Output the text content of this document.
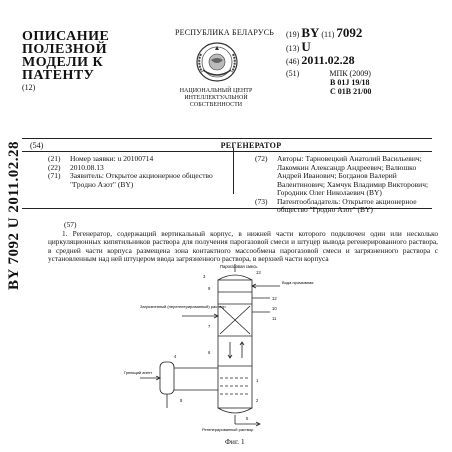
BY 7092 U 2011.02.28
ОПИСАНИЕ
ПОЛЕЗНОЙ
МОДЕЛИ К
ПАТЕНТУ
(12)
РЕСПУБЛИКА БЕЛАРУСЬ
НАЦИОНАЛЬНЫЙ ЦЕНТР ИНТЕЛЛЕКТУАЛЬНОЙ СОБСТВЕННОСТИ
(19) BY (11) 7092
(13) U
(46) 2011.02.28
(51)	МПК (2009)
B 01J 19/18
C 01B 21/00
(54)	РЕГЕНЕРАТОР
(21)	Номер заявки: u 20100714
(22)	2010.08.13
(71)	Заявитель: Открытое акционерное общество "Гродно Азот" (BY)
(72)	Авторы: Тарновецкий Анатолий Васильевич; Лакомкин Александр Андреевич; Валюшко Андрей Иванович; Богданов Валерий Валентинович; Хамчук Владимир Викторович; Городник Олег Николаевич (BY)
(73)	Патентообладатель: Открытое акционерное общество "Гродно Азот" (BY)
(57)
1. Регенератор, содержащий вертикальный корпус, в нижней части которого подключен один или несколько циркуляционных кипятильников раствора для получения парогазовой смеси и штуцер вывода регенерированного раствора, в средней части корпуса размещена зона контактного массообмена парогазовой смеси и загрязненного раствора с установленным над ней штуцером ввода загрязненного раствора, в верхней части корпуса
Парогазовая смесь
Вода промывная
Загрязненный (нерегенерированный) раствор
Греющий агент
Регенерированный раствор
3
9
7
6
4
13
12
10
11
1
2
5
8
Фиг. 1
